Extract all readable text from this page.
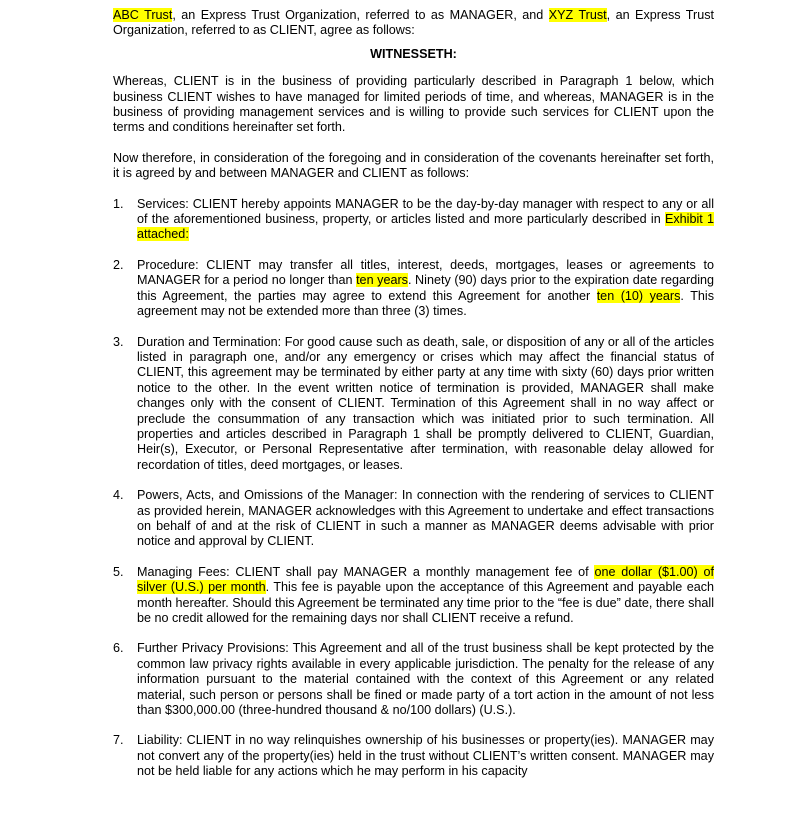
ABC Trust, an Express Trust Organization, referred to as MANAGER, and XYZ Trust, an Express Trust Organization, referred to as CLIENT, agree as follows:

WITNESSETH:

Whereas, CLIENT is in the business of providing particularly described in Paragraph 1 below, which business CLIENT wishes to have managed for limited periods of time, and whereas, MANAGER is in the business of providing management services and is willing to provide such services for CLIENT upon the terms and conditions hereinafter set forth.

Now therefore, in consideration of the foregoing and in consideration of the covenants hereinafter set forth, it is agreed by and between MANAGER and CLIENT as follows:

1. Services: CLIENT hereby appoints MANAGER to be the day-by-day manager with respect to any or all of the aforementioned business, property, or articles listed and more particularly described in Exhibit 1 attached:
2. Procedure: CLIENT may transfer all titles, interest, deeds, mortgages, leases or agreements to MANAGER for a period no longer than ten years. Ninety (90) days prior to the expiration date regarding this Agreement, the parties may agree to extend this Agreement for another ten (10) years. This agreement may not be extended more than three (3) times.
3. Duration and Termination: For good cause such as death, sale, or disposition of any or all of the articles listed in paragraph one, and/or any emergency or crises which may affect the financial status of CLIENT, this agreement may be terminated by either party at any time with sixty (60) days prior written notice to the other. In the event written notice of termination is provided, MANAGER shall make changes only with the consent of CLIENT. Termination of this Agreement shall in no way affect or preclude the consummation of any transaction which was initiated prior to such termination. All properties and articles described in Paragraph 1 shall be promptly delivered to CLIENT, Guardian, Heir(s), Executor, or Personal Representative after termination, with reasonable delay allowed for recordation of titles, deed mortgages, or leases.
4. Powers, Acts, and Omissions of the Manager: In connection with the rendering of services to CLIENT as provided herein, MANAGER acknowledges with this Agreement to undertake and effect transactions on behalf of and at the risk of CLIENT in such a manner as MANAGER deems advisable with prior notice and approval by CLIENT.
5. Managing Fees: CLIENT shall pay MANAGER a monthly management fee of one dollar ($1.00) of silver (U.S.) per month. This fee is payable upon the acceptance of this Agreement and payable each month hereafter. Should this Agreement be terminated any time prior to the “fee is due” date, there shall be no credit allowed for the remaining days nor shall CLIENT receive a refund.
6. Further Privacy Provisions: This Agreement and all of the trust business shall be kept protected by the common law privacy rights available in every applicable jurisdiction. The penalty for the release of any information pursuant to the material contained with the context of this Agreement or any related material, such person or persons shall be fined or made party of a tort action in the amount of not less than $300,000.00 (three-hundred thousand & no/100 dollars) (U.S.).
7. Liability: CLIENT in no way relinquishes ownership of his businesses or property(ies). MANAGER may not convert any of the property(ies) held in the trust without CLIENT’s written consent. MANAGER may not be held liable for any actions which he may perform in his capacity
